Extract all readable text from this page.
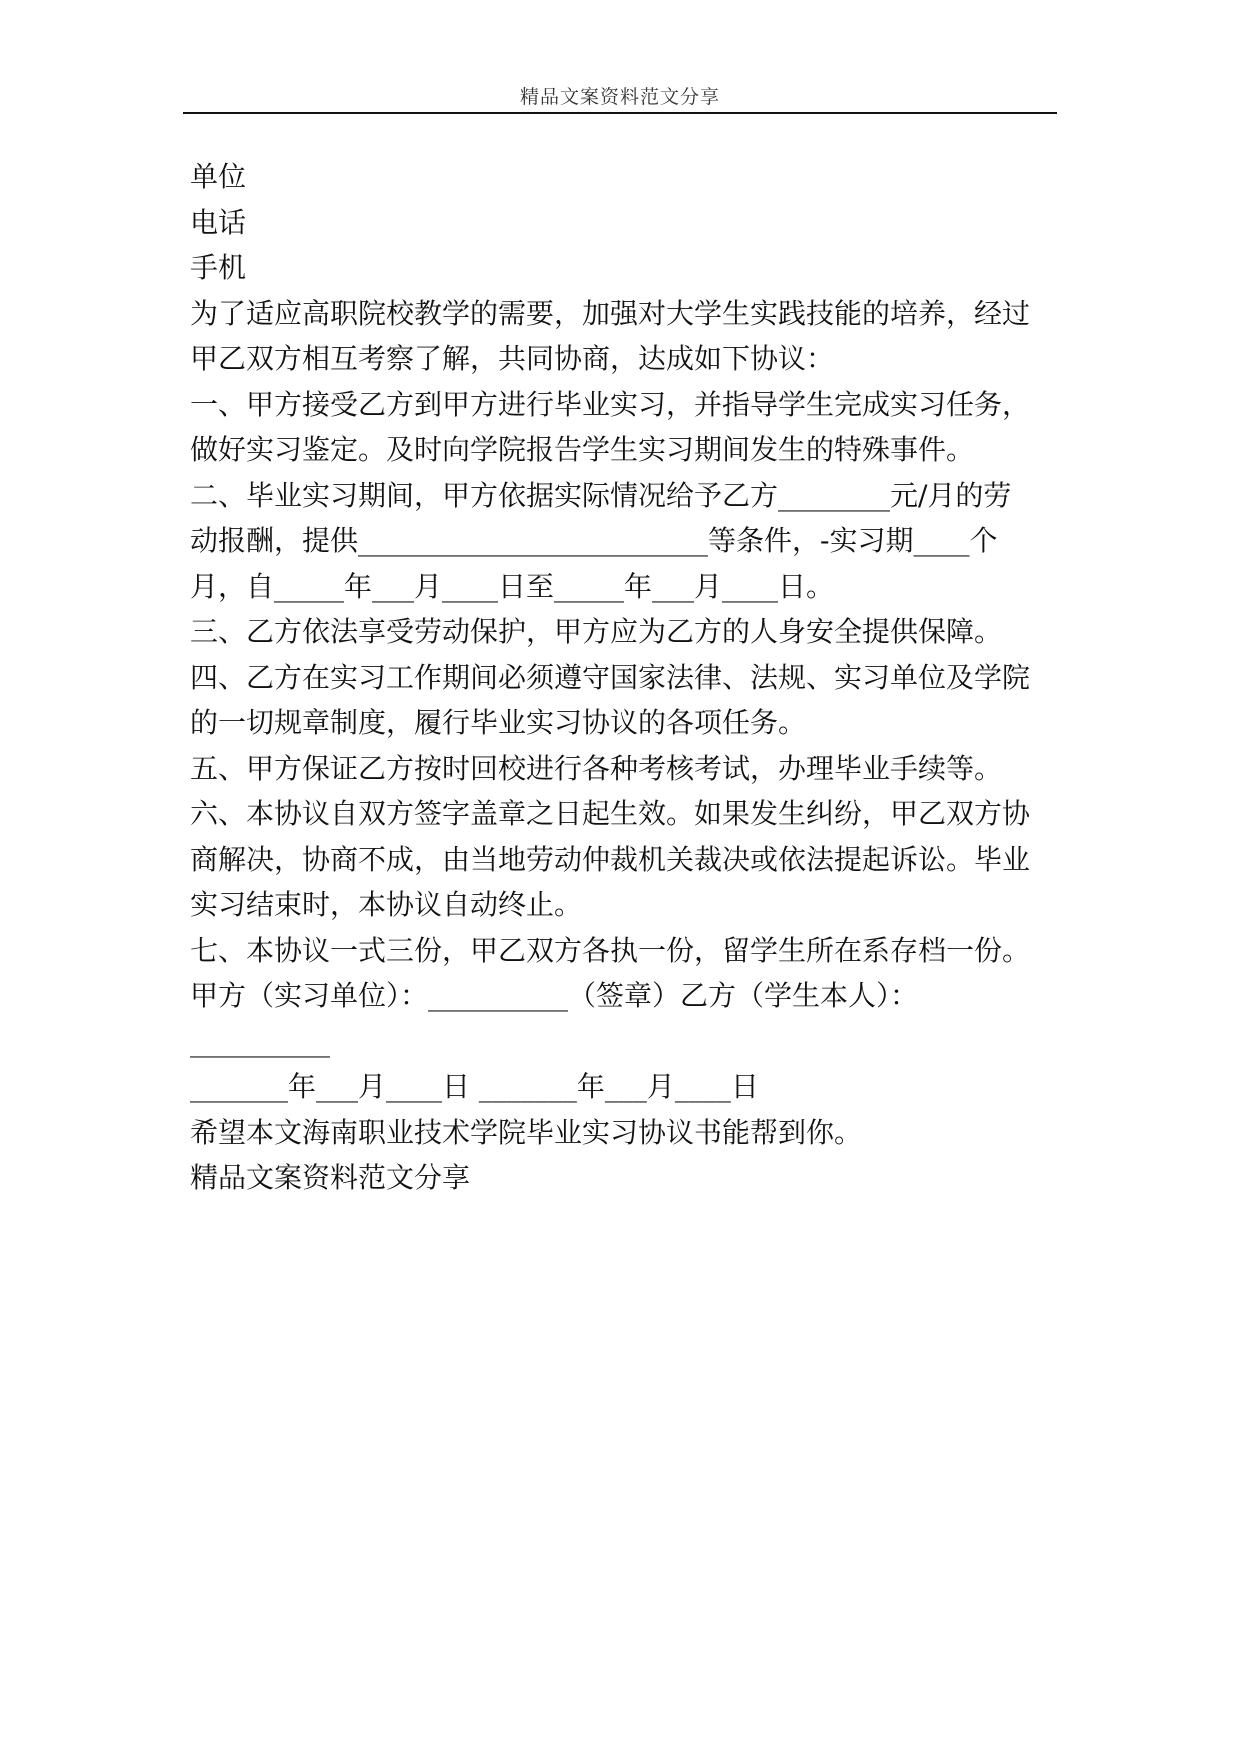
精品文案资料范文分享
单位
电话
手机
为了适应高职院校教学的需要，加强对大学生实践技能的培养，经过
甲乙双方相互考察了解，共同协商，达成如下协议：
一、甲方接受乙方到甲方进行毕业实习，并指导学生完成实习任务，
做好实习鉴定。及时向学院报告学生实习期间发生的特殊事件。
二、毕业实习期间，甲方依据实际情况给予乙方________元/月的劳
动报酬，提供_________________________等条件，-实习期____个
月，自_____年___月____日至_____年___月____日。
三、乙方依法享受劳动保护，甲方应为乙方的人身安全提供保障。
四、乙方在实习工作期间必须遵守国家法律、法规、实习单位及学院
的一切规章制度，履行毕业实习协议的各项任务。
五、甲方保证乙方按时回校进行各种考核考试，办理毕业手续等。
六、本协议自双方签字盖章之日起生效。如果发生纠纷，甲乙双方协
商解决，协商不成，由当地劳动仲裁机关裁决或依法提起诉讼。毕业
实习结束时，本协议自动终止。
七、本协议一式三份，甲乙双方各执一份，留学生所在系存档一份。
甲方（实习单位）：__________（签章）乙方（学生本人）：
__________
_______年___月____日 _______年___月____日
希望本文海南职业技术学院毕业实习协议书能帮到你。
精品文案资料范文分享
